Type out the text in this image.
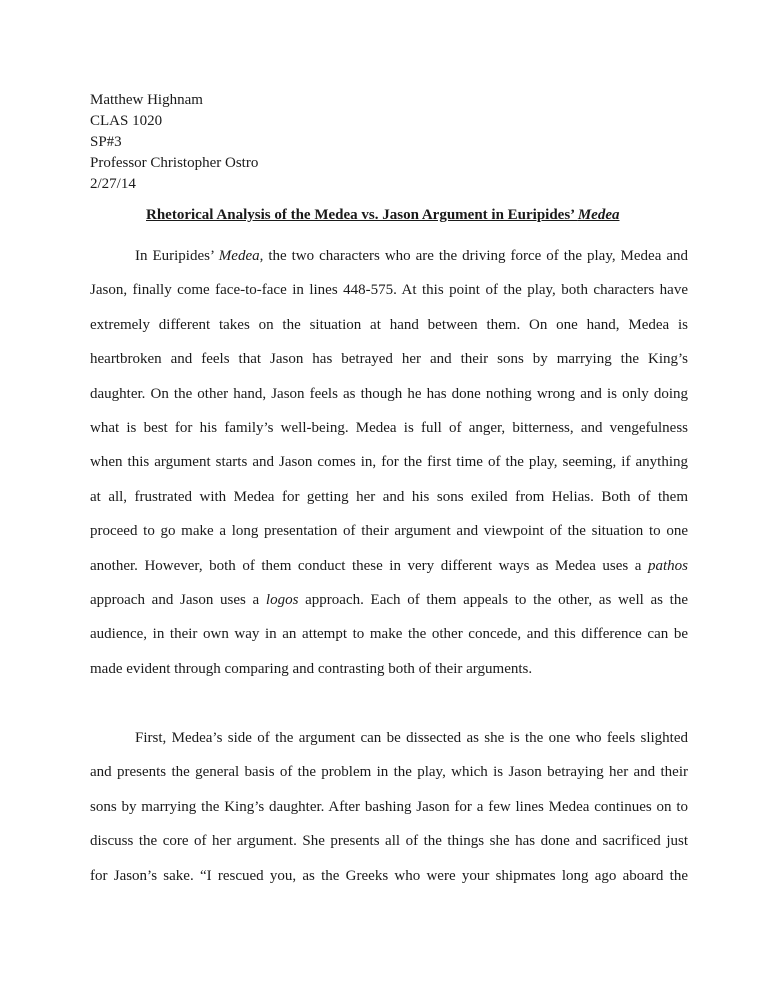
Matthew Highnam
CLAS 1020
SP#3
Professor Christopher Ostro
2/27/14
Rhetorical Analysis of the Medea vs. Jason Argument in Euripides’ Medea
In Euripides’ Medea, the two characters who are the driving force of the play, Medea and
Jason, finally come face-to-face in lines 448-575. At this point of the play, both characters have
extremely different takes on the situation at hand between them. On one hand, Medea is
heartbroken and feels that Jason has betrayed her and their sons by marrying the King’s
daughter. On the other hand, Jason feels as though he has done nothing wrong and is only doing
what is best for his family’s well-being. Medea is full of anger, bitterness, and vengefulness
when this argument starts and Jason comes in, for the first time of the play, seeming, if anything
at all, frustrated with Medea for getting her and his sons exiled from Helias. Both of them
proceed to go make a long presentation of their argument and viewpoint of the situation to one
another. However, both of them conduct these in very different ways as Medea uses a pathos
approach and Jason uses a logos approach. Each of them appeals to the other, as well as the
audience, in their own way in an attempt to make the other concede, and this difference can be
made evident through comparing and contrasting both of their arguments.
First, Medea’s side of the argument can be dissected as she is the one who feels slighted
and presents the general basis of the problem in the play, which is Jason betraying her and their
sons by marrying the King’s daughter. After bashing Jason for a few lines Medea continues on to
discuss the core of her argument. She presents all of the things she has done and sacrificed just
for Jason’s sake. “I rescued you, as the Greeks who were your shipmates long ago aboard the
